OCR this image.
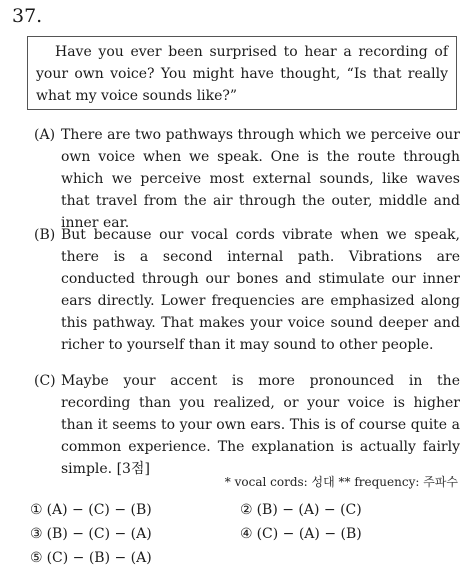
37.
Have you ever been surprised to hear a recording of your own voice? You might have thought, “Is that really what my voice sounds like?”
(A) There are two pathways through which we perceive our own voice when we speak. One is the route through which we perceive most external sounds, like waves that travel from the air through the outer, middle and inner ear.
(B) But because our vocal cords vibrate when we speak, there is a second internal path. Vibrations are conducted through our bones and stimulate our inner ears directly. Lower frequencies are emphasized along this pathway. That makes your voice sound deeper and richer to yourself than it may sound to other people.
(C) Maybe your accent is more pronounced in the recording than you realized, or your voice is higher than it seems to your own ears. This is of course quite a common experience. The explanation is actually fairly simple. [3점]
* vocal cords: 성대 ** frequency: 주파수
① (A) − (C) − (B)	② (B) − (A) − (C)
③ (B) − (C) − (A)	④ (C) − (A) − (B)
⑤ (C) − (B) − (A)
